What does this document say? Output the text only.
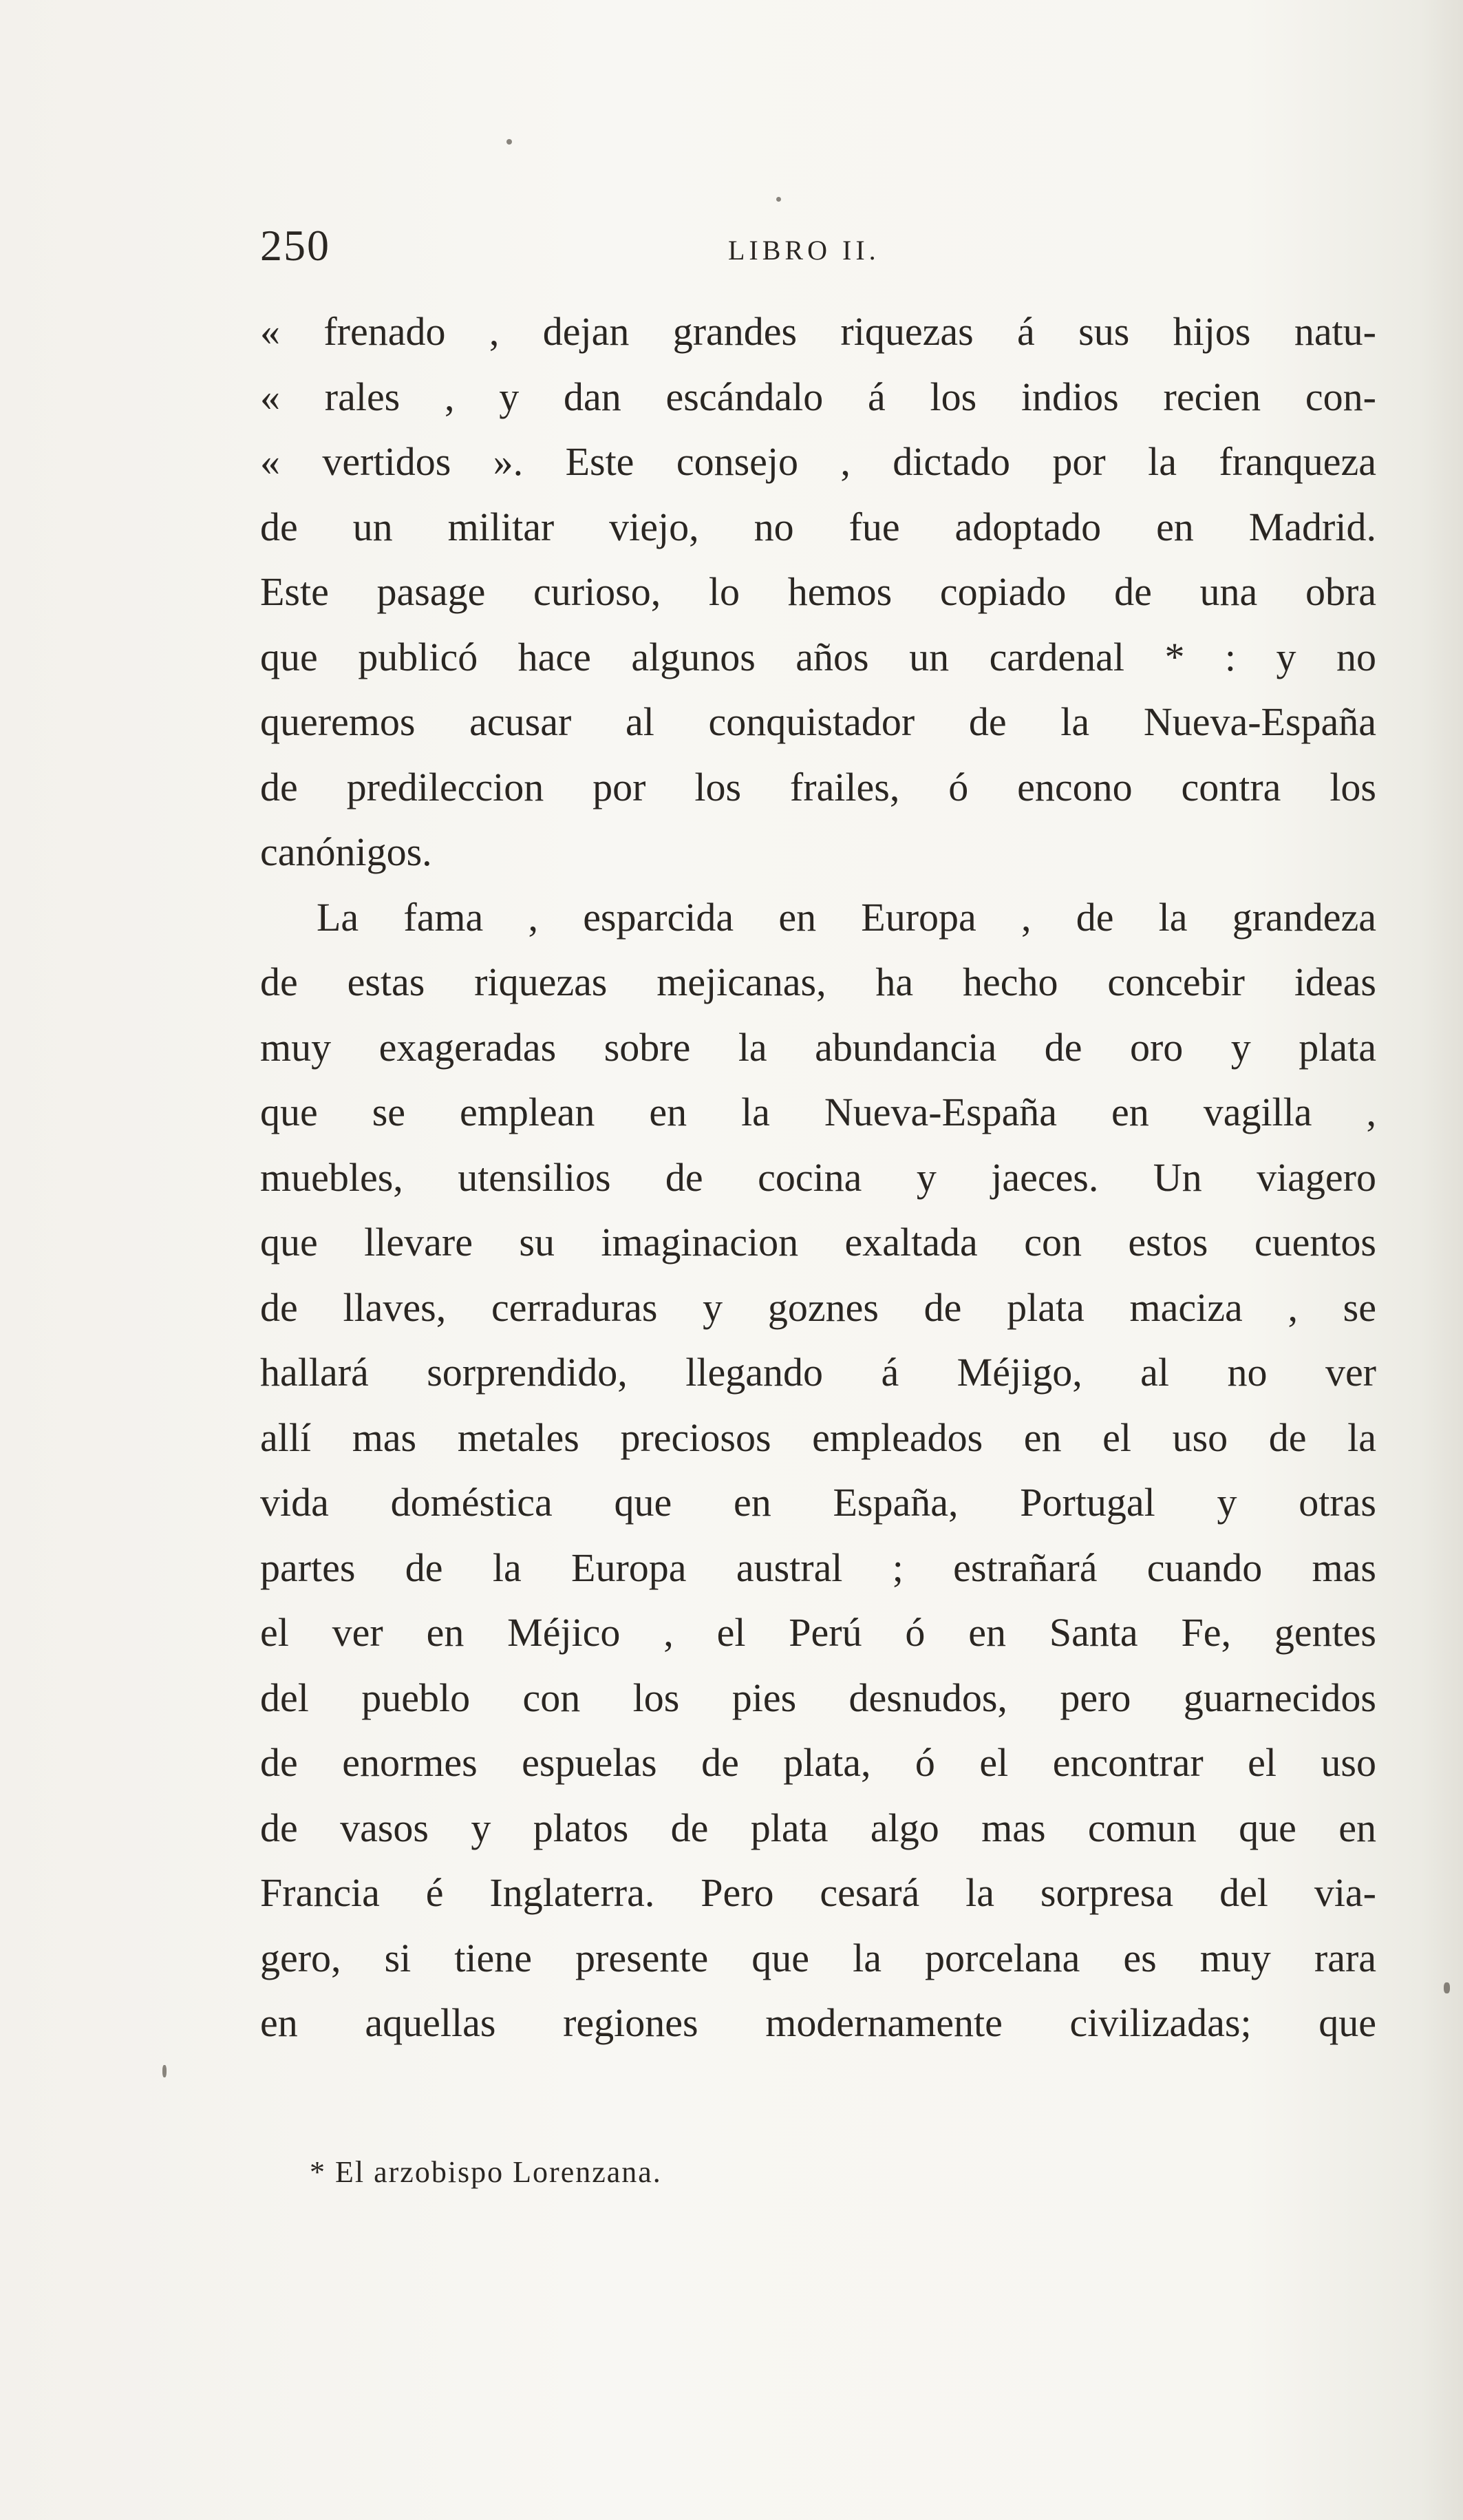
250	LIBRO II.
« frenado , dejan grandes riquezas á sus hijos natu-
« rales , y dan escándalo á los indios recien con-
« vertidos ». Este consejo , dictado por la franqueza
de un militar viejo, no fue adoptado en Madrid.
Este pasage curioso, lo hemos copiado de una obra
que publicó hace algunos años un cardenal * : y no
queremos acusar al conquistador de la Nueva-España
de predileccion por los frailes, ó encono contra los
canónigos.
La fama , esparcida en Europa , de la grandeza
de estas riquezas mejicanas, ha hecho concebir ideas
muy exageradas sobre la abundancia de oro y plata
que se emplean en la Nueva-España en vagilla ,
muebles, utensilios de cocina y jaeces. Un viagero
que llevare su imaginacion exaltada con estos cuentos
de llaves, cerraduras y goznes de plata maciza , se
hallará sorprendido, llegando á Méjigo, al no ver
allí mas metales preciosos empleados en el uso de la
vida doméstica que en España, Portugal y otras
partes de la Europa austral ; estrañará cuando mas
el ver en Méjico , el Perú ó en Santa Fe, gentes
del pueblo con los pies desnudos, pero guarnecidos
de enormes espuelas de plata, ó el encontrar el uso
de vasos y platos de plata algo mas comun que en
Francia é Inglaterra. Pero cesará la sorpresa del via-
gero, si tiene presente que la porcelana es muy rara
en aquellas regiones modernamente civilizadas; que
* El arzobispo Lorenzana.
